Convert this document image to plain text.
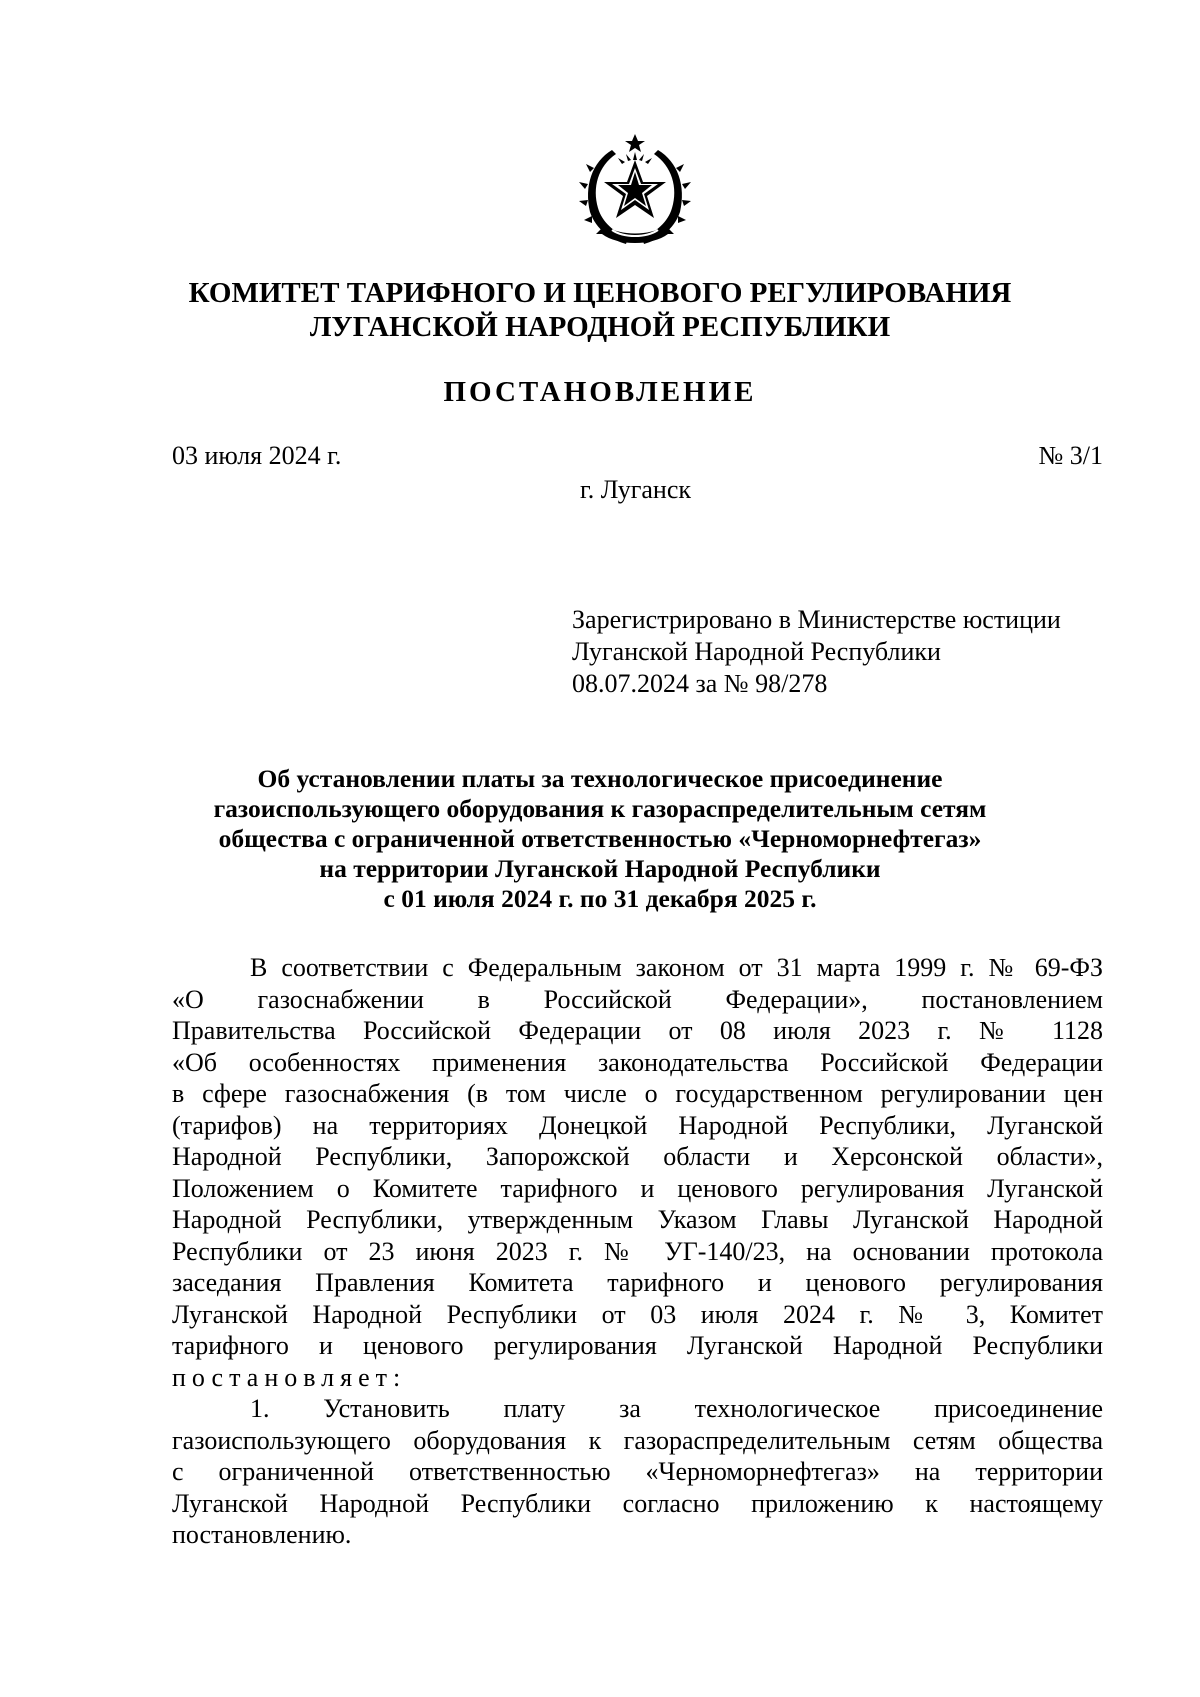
КОМИТЕТ ТАРИФНОГО И ЦЕНОВОГО РЕГУЛИРОВАНИЯ
ЛУГАНСКОЙ НАРОДНОЙ РЕСПУБЛИКИ
ПОСТАНОВЛЕНИЕ
03 июля 2024 г.	№ 3/1
г. Луганск
Зарегистрировано в Министерстве юстиции
Луганской Народной Республики
08.07.2024 за № 98/278
Об установлении платы за технологическое присоединение
газоиспользующего оборудования к газораспределительным сетям
общества с ограниченной ответственностью «Черноморнефтегаз»
на территории Луганской Народной Республики
с 01 июля 2024 г. по 31 декабря 2025 г.
В соответствии с Федеральным законом от 31 марта 1999 г. № 69-ФЗ
«О газоснабжении в Российской Федерации», постановлением
Правительства Российской Федерации от 08 июля 2023 г. № 1128
«Об особенностях применения законодательства Российской Федерации
в сфере газоснабжения (в том числе о государственном регулировании цен
(тарифов) на территориях Донецкой Народной Республики, Луганской
Народной Республики, Запорожской области и Херсонской области»,
Положением о Комитете тарифного и ценового регулирования Луганской
Народной Республики, утвержденным Указом Главы Луганской Народной
Республики от 23 июня 2023 г. № УГ-140/23, на основании протокола
заседания Правления Комитета тарифного и ценового регулирования
Луганской Народной Республики от 03 июля 2024 г. № 3, Комитет
тарифного и ценового регулирования Луганской Народной Республики
постановляет:
1. Установить плату за технологическое присоединение
газоиспользующего оборудования к газораспределительным сетям общества
с ограниченной ответственностью «Черноморнефтегаз» на территории
Луганской Народной Республики согласно приложению к настоящему
постановлению.
